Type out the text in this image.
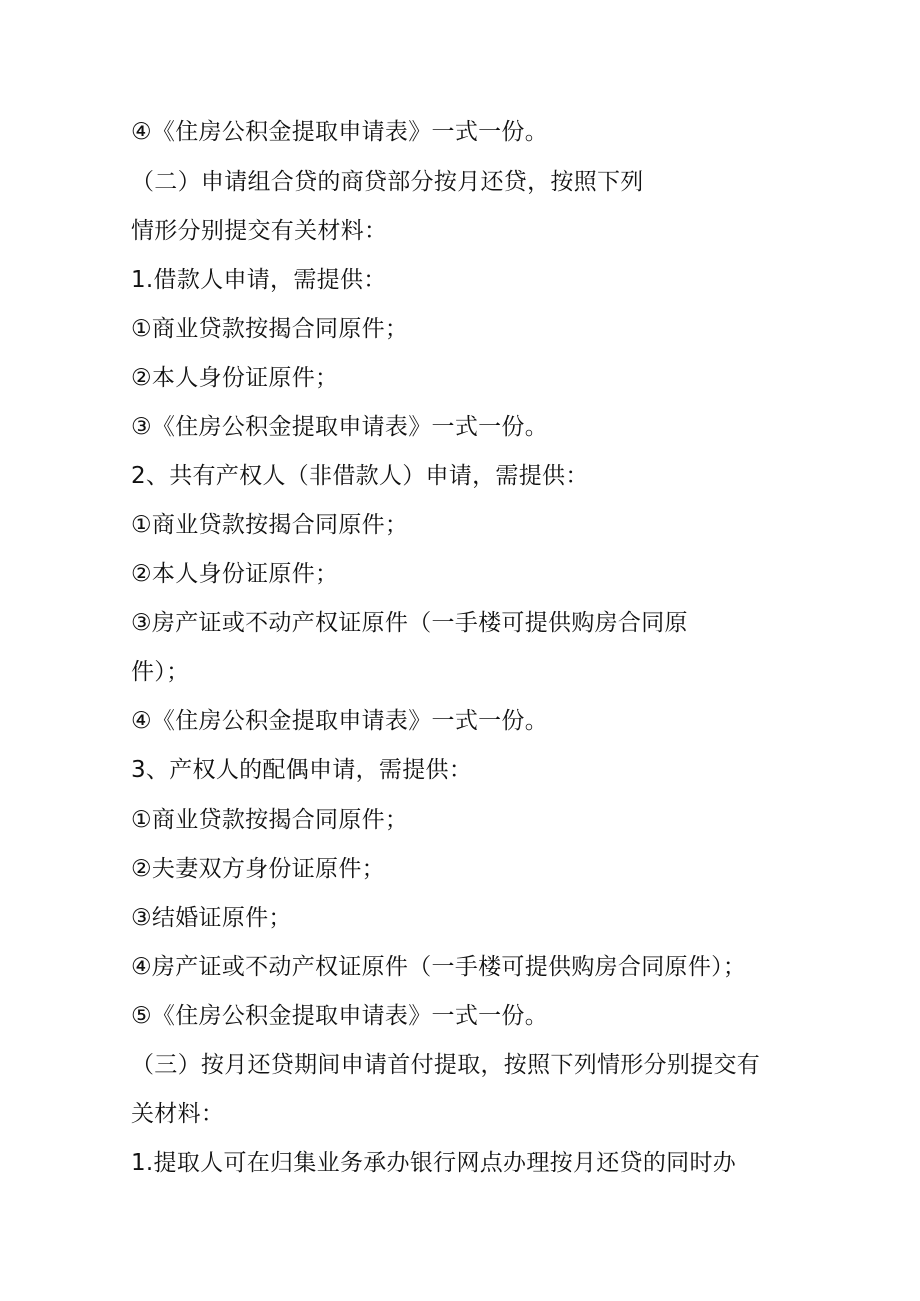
④《住房公积金提取申请表》一式一份。

（二）申请组合贷的商贷部分按月还贷，按照下列

情形分别提交有关材料：

1.借款人申请，需提供：

①商业贷款按揭合同原件；

②本人身份证原件；

③《住房公积金提取申请表》一式一份。

2、共有产权人（非借款人）申请，需提供：

①商业贷款按揭合同原件；

②本人身份证原件；

③房产证或不动产权证原件（一手楼可提供购房合同原

件）；

④《住房公积金提取申请表》一式一份。

3、产权人的配偶申请，需提供：

①商业贷款按揭合同原件；

②夫妻双方身份证原件；

③结婚证原件；

④房产证或不动产权证原件（一手楼可提供购房合同原件）；

⑤《住房公积金提取申请表》一式一份。

（三）按月还贷期间申请首付提取，按照下列情形分别提交有

关材料：

1.提取人可在归集业务承办银行网点办理按月还贷的同时办
